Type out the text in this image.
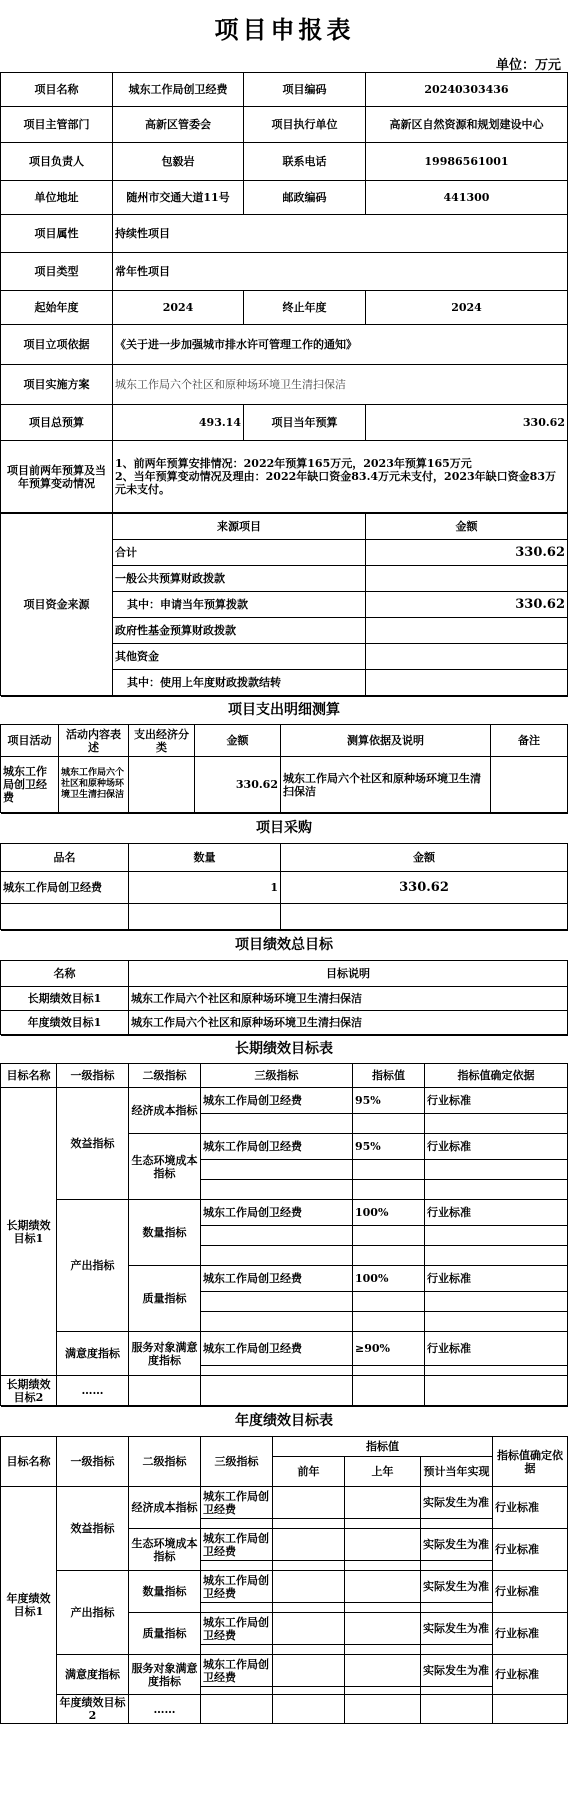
项目申报表
单位：万元
项目名称	城东工作局创卫经费	项目编码	20240303436
项目主管部门	高新区管委会	项目执行单位	高新区自然资源和规划建设中心
项目负责人	包毅岩	联系电话	19986561001
单位地址	随州市交通大道11号	邮政编码	441300
项目属性	持续性项目		
项目类型	常年性项目		
起始年度	2024	终止年度	2024
项目立项依据	《关于进一步加强城市排水许可管理工作的通知》		
项目实施方案	城东工作局六个社区和原种场环境卫生清扫保洁		
项目总预算	493.14	项目当年预算	330.62
项目前两年预算及当年预算变动情况	1、前两年预算安排情况：2022年预算165万元，2023年预算165万元
2、当年预算变动情况及理由：2022年缺口资金83.4万元未支付，2023年缺口资金83万元未支付。		
项目资金来源	来源项目	金额
	合计	330.62
	一般公共预算财政拨款	
	其中：申请当年预算拨款	330.62
	政府性基金预算财政拨款	
	其他资金	
	其中：使用上年度财政拨款结转	
项目支出明细测算					
项目活动	活动内容表述	支出经济分类	金额	测算依据及说明	备注
城东工作局创卫经费	城东工作局六个社区和原种场环境卫生清扫保洁		330.62	城东工作局六个社区和原种场环境卫生清扫保洁	
项目采购		
品名	数量	金额
城东工作局创卫经费	1	330.62

项目绩效总目标	
名称	目标说明
长期绩效目标1	城东工作局六个社区和原种场环境卫生清扫保洁
年度绩效目标1	城东工作局六个社区和原种场环境卫生清扫保洁
长期绩效目标表					
目标名称	一级指标	二级指标	三级指标	指标值	指标值确定依据
长期绩效目标1	效益指标	经济成本指标	城东工作局创卫经费	95%	行业标准

		生态环境成本指标	城东工作局创卫经费	95%	行业标准

	产出指标	数量指标	城东工作局创卫经费	100%	行业标准

		质量指标	城东工作局创卫经费	100%	行业标准

	满意度指标	服务对象满意度指标	城东工作局创卫经费	≥90%	行业标准

长期绩效目标2	……				
年度绩效目标表								
目标名称	一级指标	二级指标	三级指标	指标值			指标值确定依据	
				前年	上年	预计当年实现		
年度绩效目标1	效益指标	经济成本指标	城东工作局创卫经费			实际发生为准	行业标准	

		生态环境成本指标	城东工作局创卫经费			实际发生为准	行业标准	

	产出指标	数量指标	城东工作局创卫经费			实际发生为准	行业标准	

		质量指标	城东工作局创卫经费			实际发生为准	行业标准	

	满意度指标	服务对象满意度指标	城东工作局创卫经费			实际发生为准	行业标准	

	年度绩效目标2	……						
